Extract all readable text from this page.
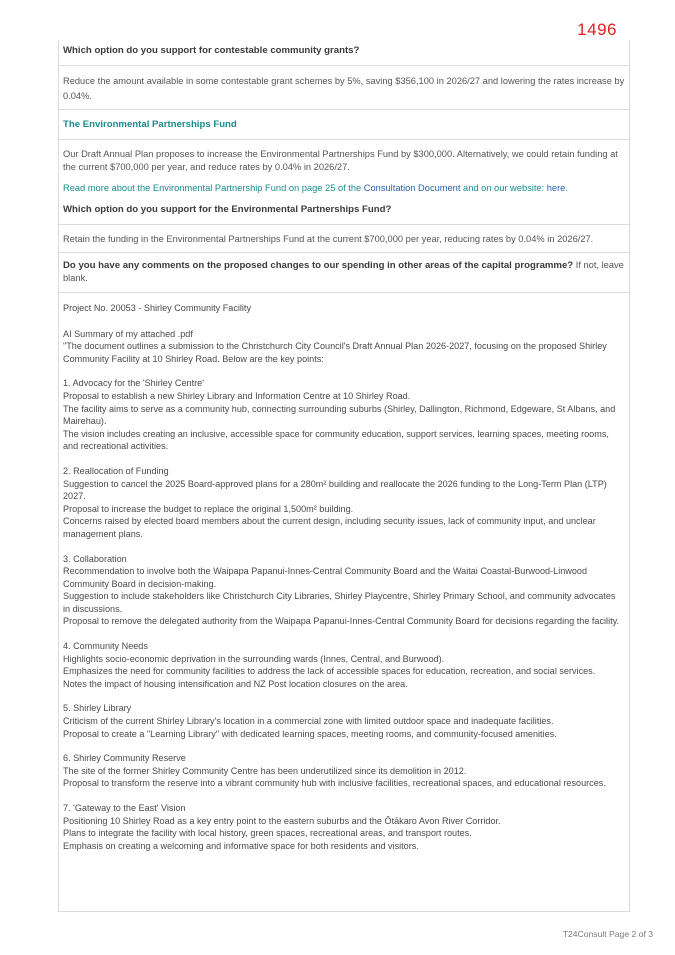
1496

Which option do you support for contestable community grants?

Reduce the amount available in some contestable grant schemes by 5%, saving $356,100 in 2026/27 and lowering the rates increase by 0.04%.

The Environmental Partnerships Fund

Our Draft Annual Plan proposes to increase the Environmental Partnerships Fund by $300,000. Alternatively, we could retain funding at the current $700,000 per year, and reduce rates by 0.04% in 2026/27.

Read more about the Environmental Partnership Fund on page 25 of the Consultation Document and on our website: here.

Which option do you support for the Environmental Partnerships Fund?

Retain the funding in the Environmental Partnerships Fund at the current $700,000 per year, reducing rates by 0.04% in 2026/27.

Do you have any comments on the proposed changes to our spending in other areas of the capital programme? If not, leave blank.

Project No. 20053 - Shirley Community Facility

AI Summary of my attached .pdf
"The document outlines a submission to the Christchurch City Council's Draft Annual Plan 2026-2027, focusing on the proposed Shirley Community Facility at 10 Shirley Road. Below are the key points:

1. Advocacy for the 'Shirley Centre'
Proposal to establish a new Shirley Library and Information Centre at 10 Shirley Road.
The facility aims to serve as a community hub, connecting surrounding suburbs (Shirley, Dallington, Richmond, Edgeware, St Albans, and Mairehau).
The vision includes creating an inclusive, accessible space for community education, support services, learning spaces, meeting rooms, and recreational activities.

2. Reallocation of Funding
Suggestion to cancel the 2025 Board-approved plans for a 280m² building and reallocate the 2026 funding to the Long-Term Plan (LTP) 2027.
Proposal to increase the budget to replace the original 1,500m² building.
Concerns raised by elected board members about the current design, including security issues, lack of community input, and unclear management plans.

3. Collaboration
Recommendation to involve both the Waipapa Papanui-Innes-Central Community Board and the Waitai Coastal-Burwood-Linwood Community Board in decision-making.
Suggestion to include stakeholders like Christchurch City Libraries, Shirley Playcentre, Shirley Primary School, and community advocates in discussions.
Proposal to remove the delegated authority from the Waipapa Papanui-Innes-Central Community Board for decisions regarding the facility.

4. Community Needs
Highlights socio-economic deprivation in the surrounding wards (Innes, Central, and Burwood).
Emphasizes the need for community facilities to address the lack of accessible spaces for education, recreation, and social services.
Notes the impact of housing intensification and NZ Post location closures on the area.

5. Shirley Library
Criticism of the current Shirley Library's location in a commercial zone with limited outdoor space and inadequate facilities.
Proposal to create a "Learning Library" with dedicated learning spaces, meeting rooms, and community-focused amenities.

6. Shirley Community Reserve
The site of the former Shirley Community Centre has been underutilized since its demolition in 2012.
Proposal to transform the reserve into a vibrant community hub with inclusive facilities, recreational spaces, and educational resources.

7. 'Gateway to the East' Vision
Positioning 10 Shirley Road as a key entry point to the eastern suburbs and the Ōtākaro Avon River Corridor.
Plans to integrate the facility with local history, green spaces, recreational areas, and transport routes.
Emphasis on creating a welcoming and informative space for both residents and visitors.

T24Consult Page 2 of 3
